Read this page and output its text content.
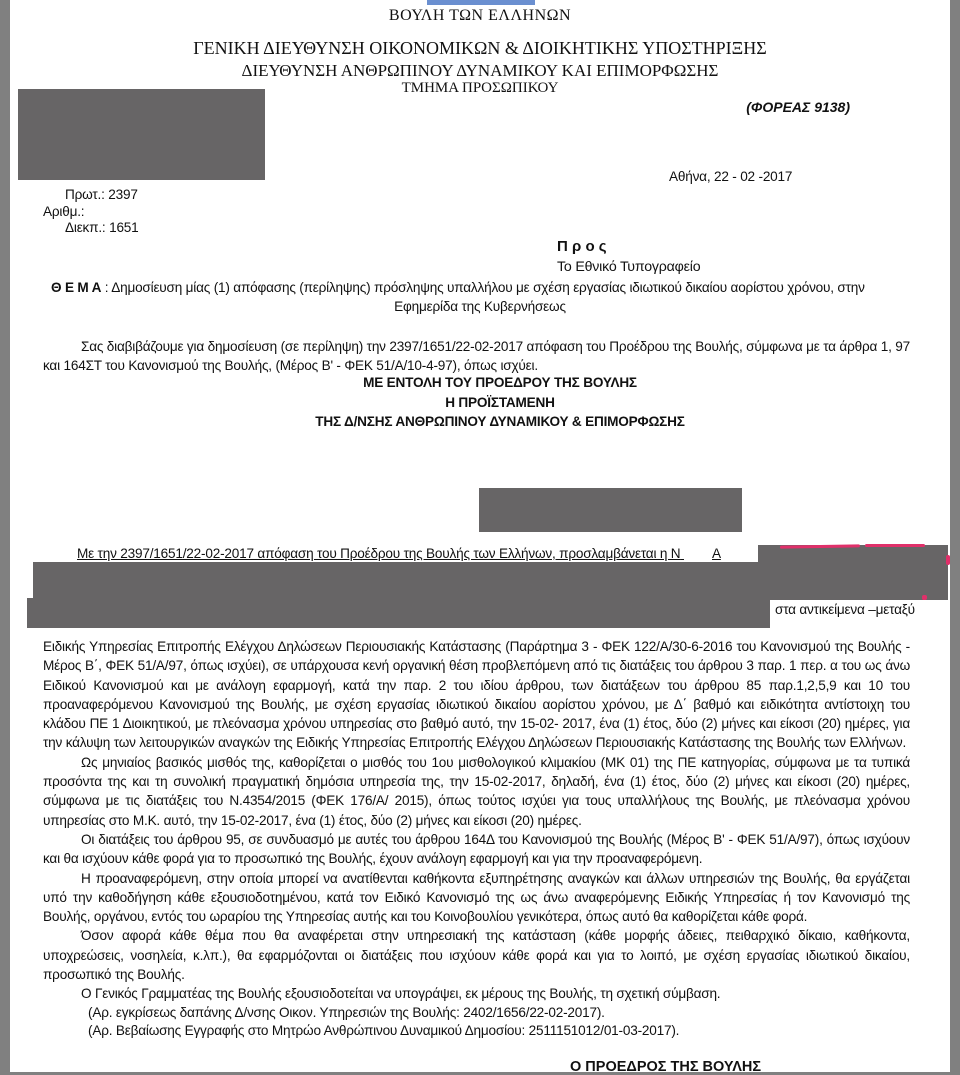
ΒΟΥΛΗ ΤΩΝ ΕΛΛΗΝΩΝ
ΓΕΝΙΚΗ ΔΙΕΥΘΥΝΣΗ ΟΙΚΟΝΟΜΙΚΩΝ & ΔΙΟΙΚΗΤΙΚΗΣ ΥΠΟΣΤΗΡΙΞΗΣ
ΔΙΕΥΘΥΝΣΗ ΑΝΘΡΩΠΙΝΟΥ ΔΥΝΑΜΙΚΟΥ ΚΑΙ ΕΠΙΜΟΡΦΩΣΗΣ
ΤΜΗΜΑ ΠΡΟΣΩΠΙΚΟΥ
(ΦΟΡΕΑΣ 9138)
Αθήνα, 22 - 02 -2017
Πρωτ.: 2397
Αριθμ.:
Διεκπ.: 1651
Π ρ ο ς
Το Εθνικό Τυπογραφείο
Θ Ε Μ Α : Δημοσίευση μίας (1) απόφασης (περίληψης) πρόσληψης υπαλλήλου με σχέση εργασίας ιδιωτικού δικαίου αορίστου χρόνου, στην
Εφημερίδα της Κυβερνήσεως

Σας διαβιβάζουμε για δημοσίευση (σε περίληψη) την 2397/1651/22-02-2017 απόφαση του Προέδρου της Βουλής, σύμφωνα με τα άρθρα 1, 97 και 164ΣΤ του Κανονισμού της Βουλής, (Μέρος Β' - ΦΕΚ 51/Α/10-4-97), όπως ισχύει.

ΜΕ ΕΝΤΟΛΗ ΤΟΥ ΠΡΟΕΔΡΟΥ ΤΗΣ ΒΟΥΛΗΣ
Η ΠΡΟΪΣΤΑΜΕΝΗ
ΤΗΣ Δ/ΝΣΗΣ ΑΝΘΡΩΠΙΝΟΥ ΔΥΝΑΜΙΚΟΥ & ΕΠΙΜΟΡΦΩΣΗΣ
Με την 2397/1651/22-02-2017 απόφαση του Προέδρου της Βουλής των Ελλήνων, προσλαμβάνεται η Ν Α
στα αντικείμενα –μεταξύ

Ειδικής Υπηρεσίας Επιτροπής Ελέγχου Δηλώσεων Περιουσιακής Κατάστασης (Παράρτημα 3 - ΦΕΚ 122/Α/30-6-2016 του Κανονισμού της Βουλής - Μέρος Β΄, ΦΕΚ 51/Α/97, όπως ισχύει), σε υπάρχουσα κενή οργανική θέση προβλεπόμενη από τις διατάξεις του άρθρου 3 παρ. 1 περ. α του ως άνω Ειδικού Κανονισμού και με ανάλογη εφαρμογή, κατά την παρ. 2 του ιδίου άρθρου, των διατάξεων του άρθρου 85 παρ.1,2,5,9 και 10 του προαναφερόμενου Κανονισμού της Βουλής, με σχέση εργασίας ιδιωτικού δικαίου αορίστου χρόνου, με Δ΄ βαθμό και ειδικότητα αντίστοιχη του κλάδου ΠΕ 1 Διοικητικού, με πλεόνασμα χρόνου υπηρεσίας στο βαθμό αυτό, την 15-02- 2017, ένα (1) έτος, δύο (2) μήνες και είκοσι (20) ημέρες, για την κάλυψη των λειτουργικών αναγκών της Ειδικής Υπηρεσίας Επιτροπής Ελέγχου Δηλώσεων Περιουσιακής Κατάστασης της Βουλής των Ελλήνων.

Ως μηνιαίος βασικός μισθός της, καθορίζεται ο μισθός του 1ου μισθολογικού κλιμακίου (ΜΚ 01) της ΠΕ κατηγορίας, σύμφωνα με τα τυπικά προσόντα της και τη συνολική πραγματική δημόσια υπηρεσία της, την 15-02-2017, δηλαδή, ένα (1) έτος, δύο (2) μήνες και είκοσι (20) ημέρες, σύμφωνα με τις διατάξεις του Ν.4354/2015 (ΦΕΚ 176/Α/ 2015), όπως τούτος ισχύει για τους υπαλλήλους της Βουλής, με πλεόνασμα χρόνου υπηρεσίας στο Μ.Κ. αυτό, την 15-02-2017, ένα (1) έτος, δύο (2) μήνες και είκοσι (20) ημέρες.

Οι διατάξεις του άρθρου 95, σε συνδυασμό με αυτές του άρθρου 164Δ του Κανονισμού της Βουλής (Μέρος Β' - ΦΕΚ 51/Α/97), όπως ισχύουν και θα ισχύουν κάθε φορά για το προσωπικό της Βουλής, έχουν ανάλογη εφαρμογή και για την προαναφερόμενη.

Η προαναφερόμενη, στην οποία μπορεί να ανατίθενται καθήκοντα εξυπηρέτησης αναγκών και άλλων υπηρεσιών της Βουλής, θα εργάζεται υπό την καθοδήγηση κάθε εξουσιοδοτημένου, κατά τον Ειδικό Κανονισμό της ως άνω αναφερόμενης Ειδικής Υπηρεσίας ή τον Κανονισμό της Βουλής, οργάνου, εντός του ωραρίου της Υπηρεσίας αυτής και του Κοινοβουλίου γενικότερα, όπως αυτό θα καθορίζεται κάθε φορά.

Όσον αφορά κάθε θέμα που θα αναφέρεται στην υπηρεσιακή της κατάσταση (κάθε μορφής άδειες, πειθαρχικό δίκαιο, καθήκοντα, υποχρεώσεις, νοσηλεία, κ.λπ.), θα εφαρμόζονται οι διατάξεις που ισχύουν κάθε φορά και για το λοιπό, με σχέση εργασίας ιδιωτικού δικαίου, προσωπικό της Βουλής.

Ο Γενικός Γραμματέας της Βουλής εξουσιοδοτείται να υπογράψει, εκ μέρους της Βουλής, τη σχετική σύμβαση.

(Αρ. εγκρίσεως δαπάνης Δ/νσης Οικον. Υπηρεσιών της Βουλής: 2402/1656/22-02-2017).
(Αρ. Βεβαίωσης Εγγραφής στο Μητρώο Ανθρώπινου Δυναμικού Δημοσίου: 2511151012/01-03-2017).
Ο ΠΡΟΕΔΡΟΣ ΤΗΣ ΒΟΥΛΗΣ
